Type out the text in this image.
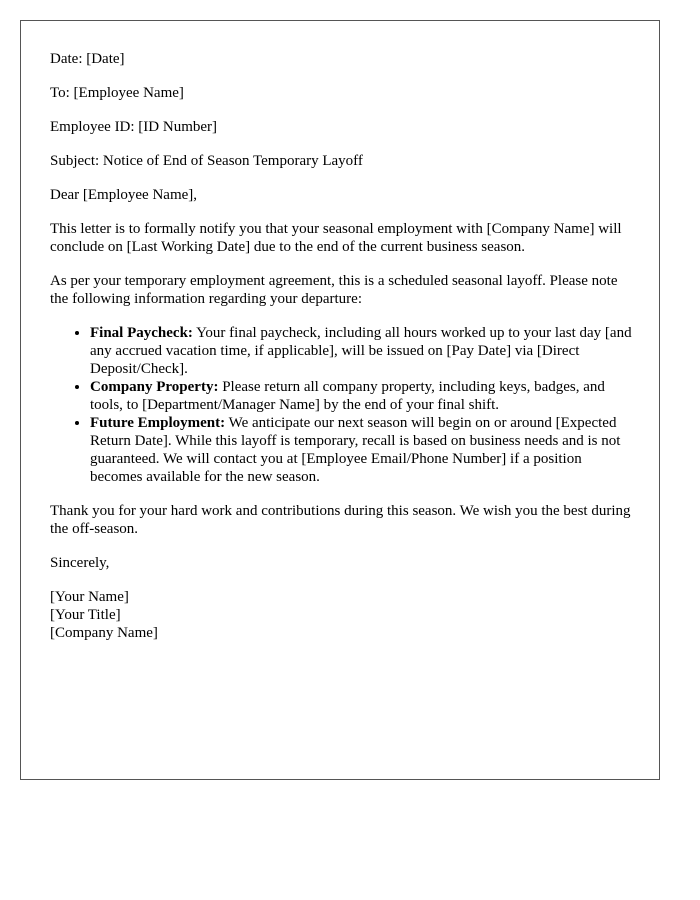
Date: [Date]

To: [Employee Name]

Employee ID: [ID Number]

Subject: Notice of End of Season Temporary Layoff

Dear [Employee Name],

This letter is to formally notify you that your seasonal employment with [Company Name] will conclude on [Last Working Date] due to the end of the current business season.

As per your temporary employment agreement, this is a scheduled seasonal layoff. Please note the following information regarding your departure:

• Final Paycheck: Your final paycheck, including all hours worked up to your last day [and any accrued vacation time, if applicable], will be issued on [Pay Date] via [Direct Deposit/Check].
• Company Property: Please return all company property, including keys, badges, and tools, to [Department/Manager Name] by the end of your final shift.
• Future Employment: We anticipate our next season will begin on or around [Expected Return Date]. While this layoff is temporary, recall is based on business needs and is not guaranteed. We will contact you at [Employee Email/Phone Number] if a position becomes available for the new season.

Thank you for your hard work and contributions during this season. We wish you the best during the off-season.

Sincerely,

[Your Name]
[Your Title]
[Company Name]
